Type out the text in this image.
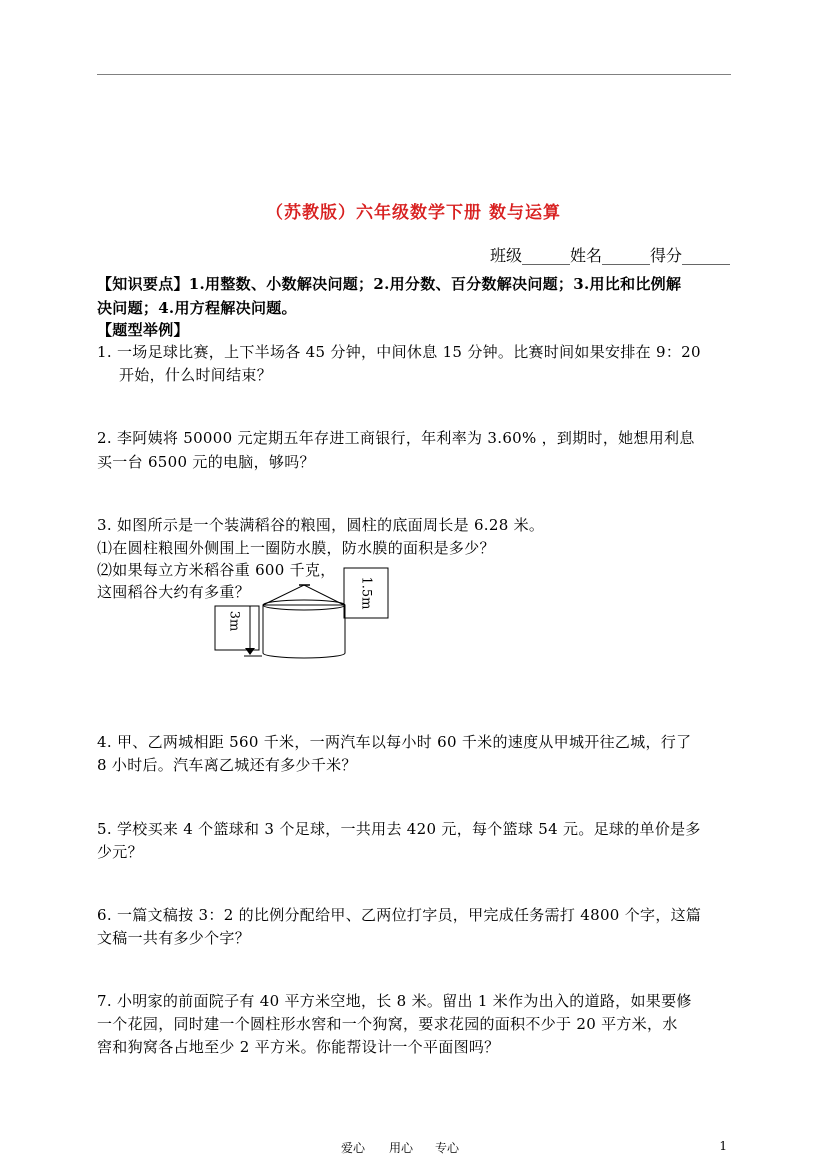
（苏教版）六年级数学下册 数与运算
班级______姓名______得分______
【知识要点】1.用整数、小数解决问题；2.用分数、百分数解决问题；3.用比和比例解
决问题；4.用方程解决问题。
【题型举例】
1. 一场足球比赛，上下半场各 45 分钟，中间休息 15 分钟。比赛时间如果安排在 9：20
开始，什么时间结束？
2. 李阿姨将 50000 元定期五年存进工商银行，年利率为 3.60% ，到期时，她想用利息
买一台 6500 元的电脑，够吗？
3. 如图所示是一个装满稻谷的粮囤，圆柱的底面周长是 6.28 米。
⑴在圆柱粮囤外侧围上一圈防水膜，防水膜的面积是多少？
⑵如果每立方米稻谷重 600 千克，
这囤稻谷大约有多重？	1.5m
3m
4. 甲、乙两城相距 560 千米，一两汽车以每小时 60 千米的速度从甲城开往乙城，行了
8 小时后。汽车离乙城还有多少千米？
5. 学校买来 4 个篮球和 3 个足球，一共用去 420 元，每个篮球 54 元。足球的单价是多
少元？
6. 一篇文稿按 3：2 的比例分配给甲、乙两位打字员，甲完成任务需打 4800 个字，这篇
文稿一共有多少个字？
7. 小明家的前面院子有 40 平方米空地，长 8 米。留出 1 米作为出入的道路，如果要修
一个花园，同时建一个圆柱形水窖和一个狗窝，要求花园的面积不少于 20 平方米，水
窖和狗窝各占地至少 2 平方米。你能帮设计一个平面图吗？
爱心 用心 专心	1
